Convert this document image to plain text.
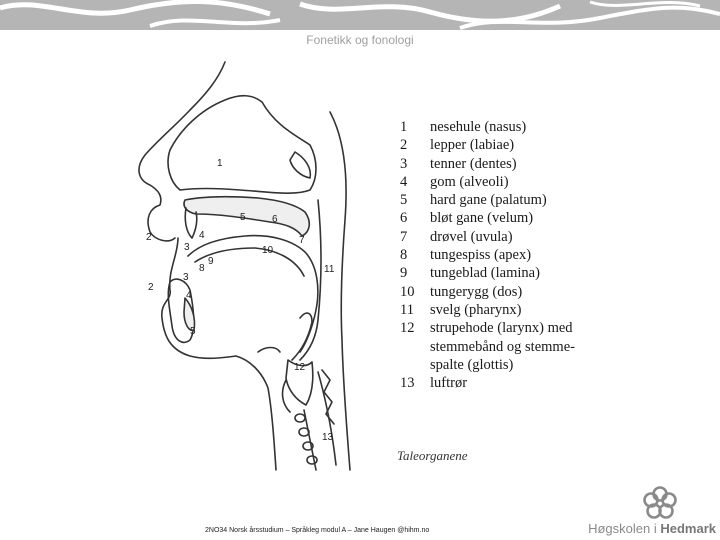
Fonetikk og fonologi
1
2
3
4
5	6
7
8
9
10
11
12
13
2
3
4
5
1	nesehule (nasus)
2	lepper (labiae)
3	tenner (dentes)
4	gom (alveoli)
5	hard gane (palatum)
6	bløt gane (velum)
7	drøvel (uvula)
8	tungespiss (apex)
9	tungeblad (lamina)
10	tungerygg (dos)
11	svelg (pharynx)
12	strupehode (larynx) med
stemmebånd og stemme-
spalte (glottis)
13	luftrør
Taleorganene
2NO34 Norsk årsstudium – Språkleg modul A – Jane Haugen @hihm.no	Høgskolen i Hedmark
